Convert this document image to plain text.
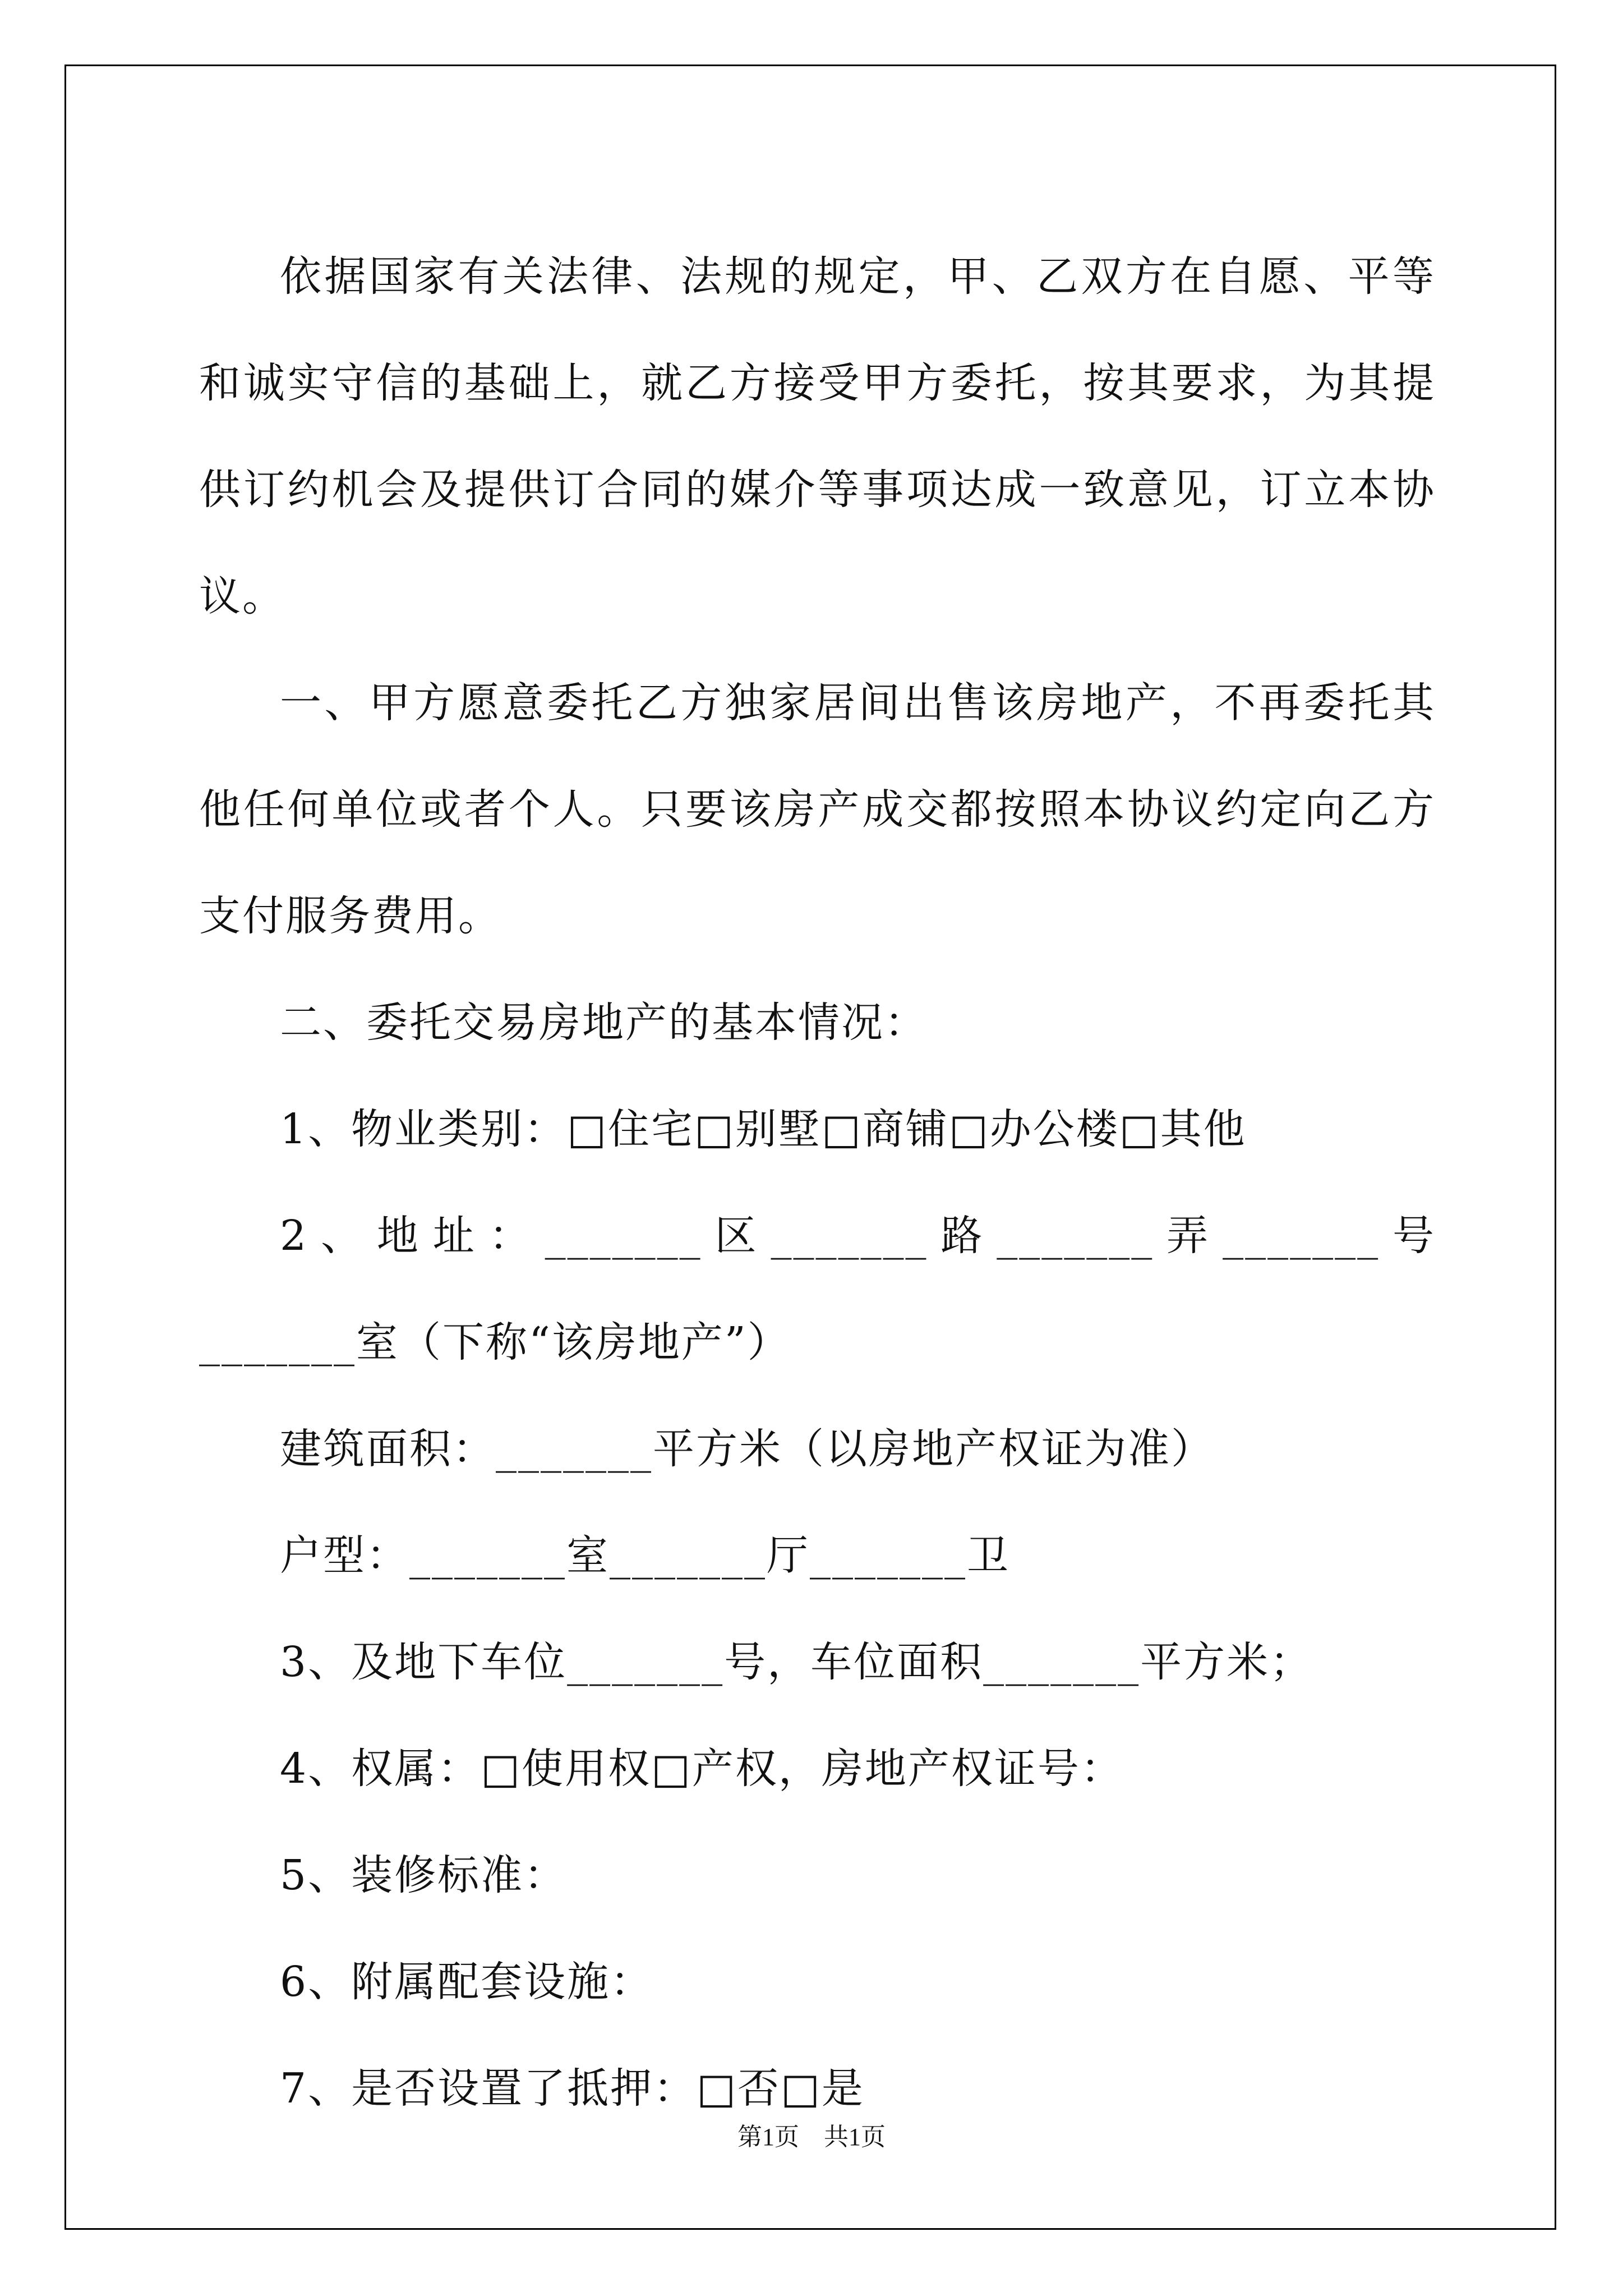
依据国家有关法律、法规的规定，甲、乙双方在自愿、平等和诚实守信的基础上，就乙方接受甲方委托，按其要求，为其提供订约机会及提供订合同的媒介等事项达成一致意见，订立本协议。

一、甲方愿意委托乙方独家居间出售该房地产，不再委托其他任何单位或者个人。只要该房产成交都按照本协议约定向乙方支付服务费用。

二、委托交易房地产的基本情况：

1、物业类别：□住宅□别墅□商铺□办公楼□其他

2、地址：_______区_______路_______弄_______号_______室（下称“该房地产”）

建筑面积：_______平方米（以房地产权证为准）

户型：_______室_______厅_______卫

3、及地下车位_______号，车位面积_______平方米；

4、权属：□使用权□产权，房地产权证号：

5、装修标准：

6、附属配套设施：

7、是否设置了抵押：□否□是

第1页　共1页
